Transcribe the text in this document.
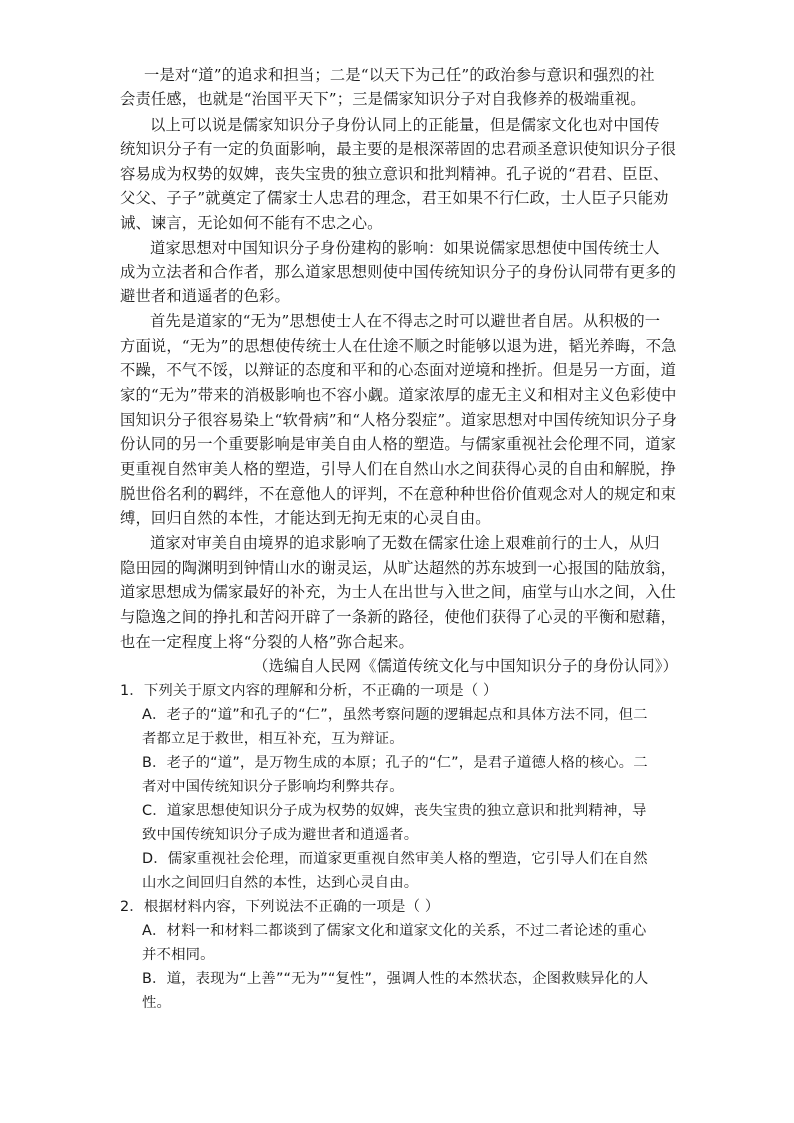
一是对“道”的追求和担当；二是“以天下为己任”的政治参与意识和强烈的社
会责任感，也就是“治国平天下”；三是儒家知识分子对自我修养的极端重视。
以上可以说是儒家知识分子身份认同上的正能量，但是儒家文化也对中国传
统知识分子有一定的负面影响，最主要的是根深蒂固的忠君顽圣意识使知识分子很
容易成为权势的奴婢，丧失宝贵的独立意识和批判精神。孔子说的“君君、臣臣、
父父、子子”就奠定了儒家士人忠君的理念，君王如果不行仁政，士人臣子只能劝
诫、谏言，无论如何不能有不忠之心。
道家思想对中国知识分子身份建构的影响：如果说儒家思想使中国传统士人
成为立法者和合作者，那么道家思想则使中国传统知识分子的身份认同带有更多的
避世者和逍遥者的色彩。
首先是道家的“无为”思想使士人在不得志之时可以避世者自居。从积极的一
方面说，“无为”的思想使传统士人在仕途不顺之时能够以退为进，韬光养晦，不急
不躁，不气不馁，以辩证的态度和平和的心态面对逆境和挫折。但是另一方面，道
家的“无为”带来的消极影响也不容小觑。道家浓厚的虚无主义和相对主义色彩使中
国知识分子很容易染上“软骨病”和“人格分裂症”。道家思想对中国传统知识分子身
份认同的另一个重要影响是审美自由人格的塑造。与儒家重视社会伦理不同，道家
更重视自然审美人格的塑造，引导人们在自然山水之间获得心灵的自由和解脱，挣
脱世俗名利的羁绊，不在意他人的评判，不在意种种世俗价值观念对人的规定和束
缚，回归自然的本性，才能达到无拘无束的心灵自由。
道家对审美自由境界的追求影响了无数在儒家仕途上艰难前行的士人，从归
隐田园的陶渊明到钟情山水的谢灵运，从旷达超然的苏东坡到一心报国的陆放翁，
道家思想成为儒家最好的补充，为士人在出世与入世之间，庙堂与山水之间，入仕
与隐逸之间的挣扎和苦闷开辟了一条新的路径，使他们获得了心灵的平衡和慰藉，
也在一定程度上将“分裂的人格”弥合起来。
（选编自人民网《儒道传统文化与中国知识分子的身份认同》）
1．下列关于原文内容的理解和分析，不正确的一项是（ ）
A．老子的“道”和孔子的“仁”，虽然考察问题的逻辑起点和具体方法不同，但二
者都立足于救世，相互补充，互为辩证。
B．老子的“道”，是万物生成的本原；孔子的“仁”，是君子道德人格的核心。二
者对中国传统知识分子影响均利弊共存。
C．道家思想使知识分子成为权势的奴婢，丧失宝贵的独立意识和批判精神，导
致中国传统知识分子成为避世者和逍遥者。
D．儒家重视社会伦理，而道家更重视自然审美人格的塑造，它引导人们在自然
山水之间回归自然的本性，达到心灵自由。
2．根据材料内容，下列说法不正确的一项是（ ）
A．材料一和材料二都谈到了儒家文化和道家文化的关系，不过二者论述的重心
并不相同。
B．道，表现为“上善”“无为”“复性”，强调人性的本然状态，企图救赎异化的人
性。
